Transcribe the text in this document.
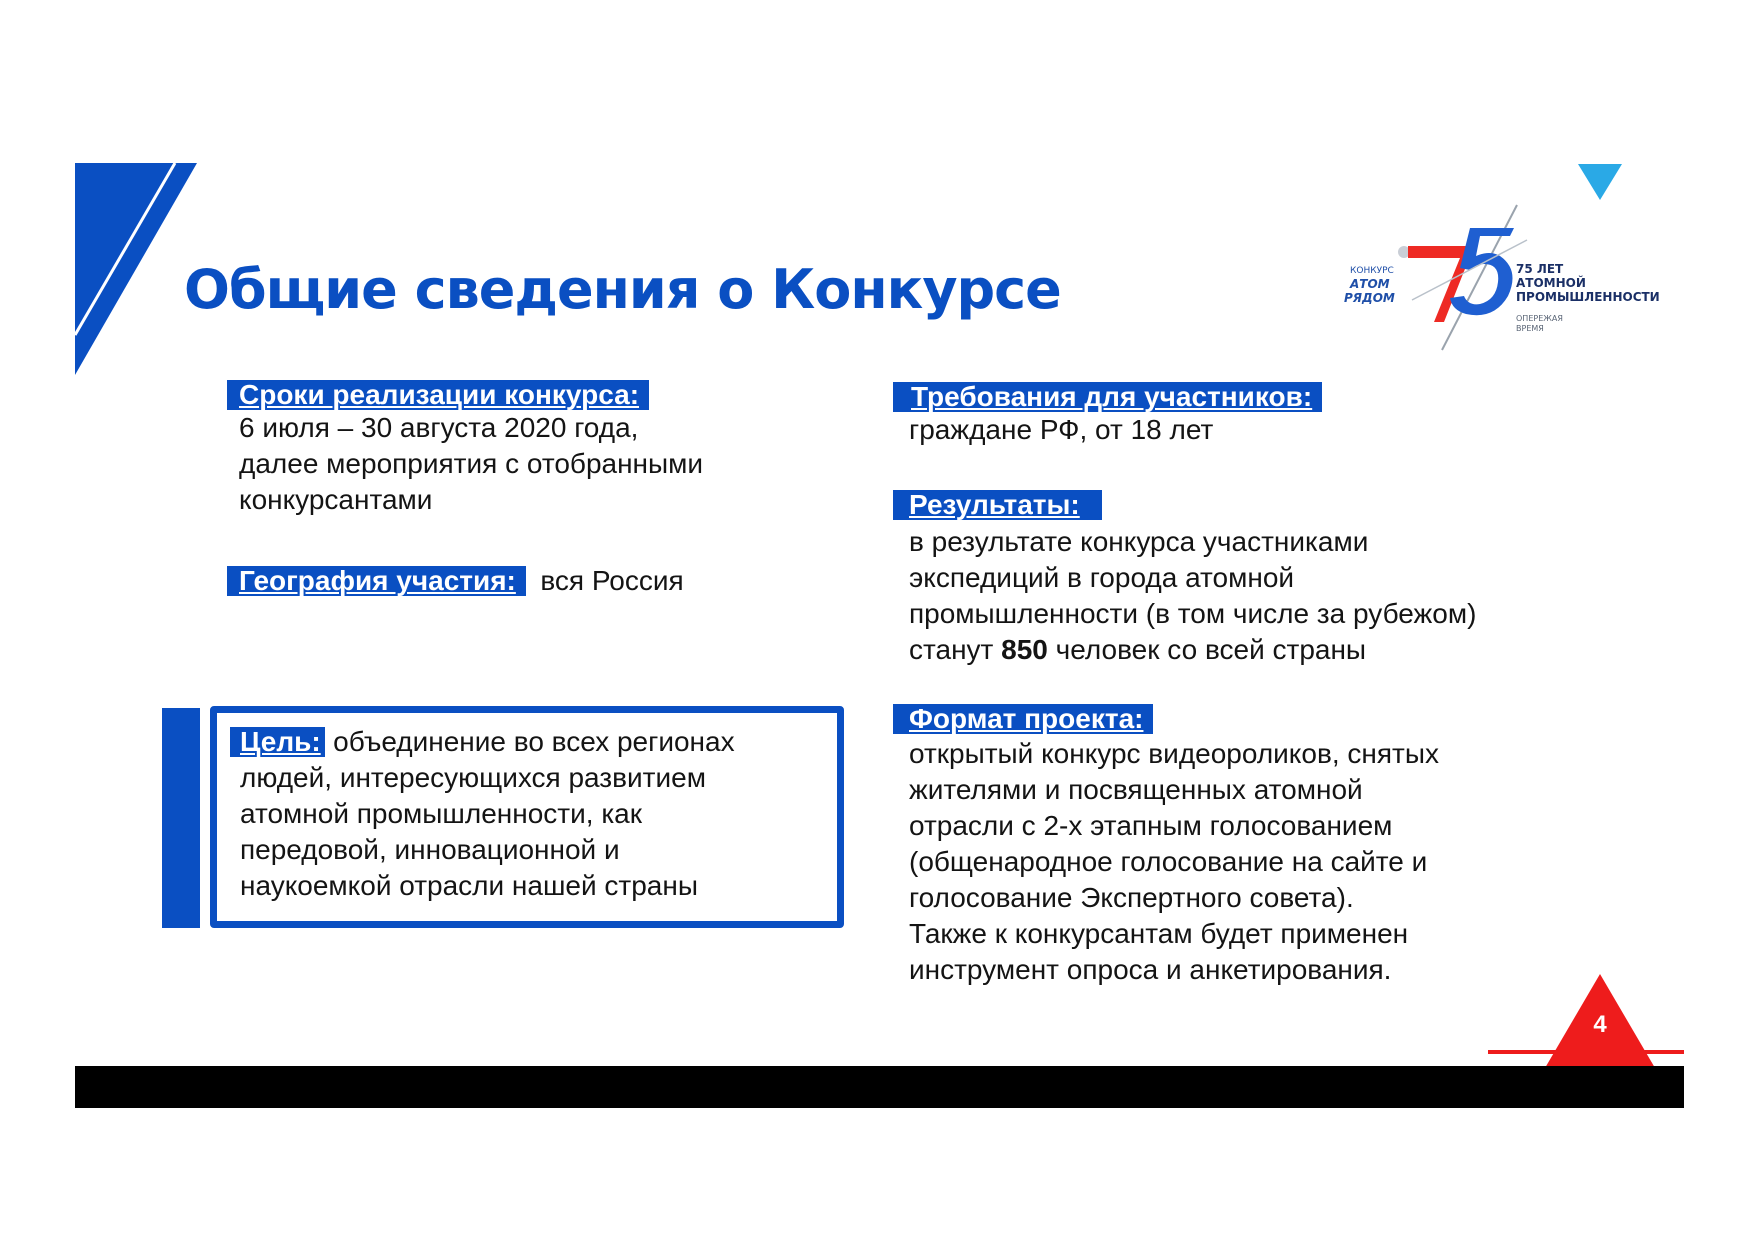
Общие сведения о Конкурсе	КОНКУРС
АТОМ
РЯДОМ
75 ЛЕТ
АТОМНОЙ
ПРОМЫШЛЕННОСТИ
ОПЕРЕЖАЯ
ВРЕМЯ
Сроки реализации конкурса:

6 июля – 30 августа 2020 года,

далее мероприятия с отобранными

конкурсантами

География участия: вся Россия
Цель: объединение во всех регионах

людей, интересующихся развитием

атомной промышленности, как

передовой, инновационной и

наукоемкой отрасли нашей страны

Требования для участников:

граждане РФ, от 18 лет

Результаты:

в результате конкурса участниками

экспедиций в города атомной

промышленности (в том числе за рубежом)

станут 850 человек со всей страны

Формат проекта:

открытый конкурс видеороликов, снятых

жителями и посвященных атомной

отрасли с 2-х этапным голосованием

(общенародное голосование на сайте и

голосование Экспертного совета).

Также к конкурсантам будет применен

инструмент опроса и анкетирования.

4
